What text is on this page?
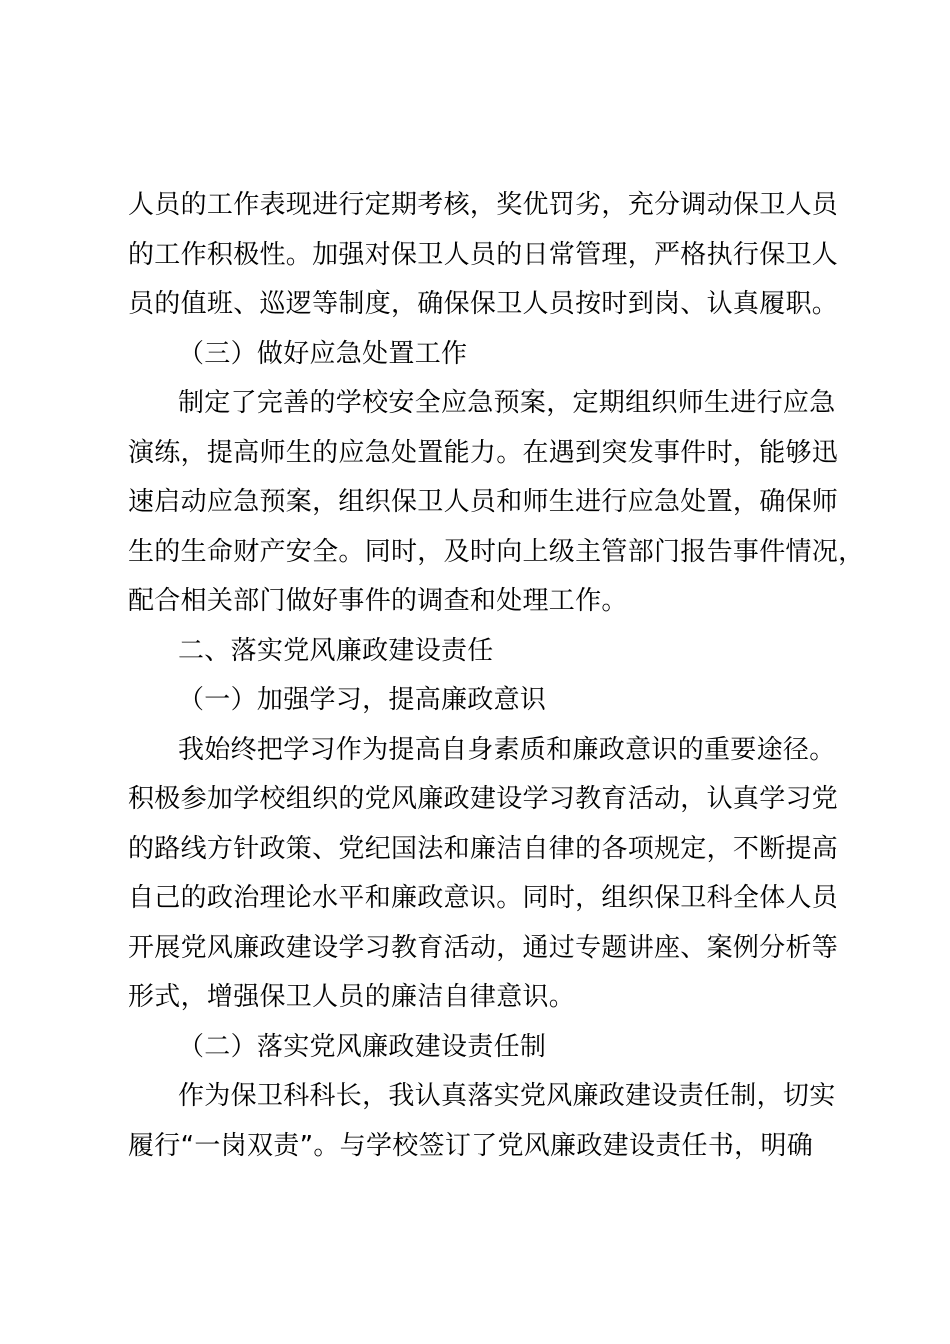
人员的工作表现进行定期考核，奖优罚劣，充分调动保卫人员
的工作积极性。加强对保卫人员的日常管理，严格执行保卫人
员的值班、巡逻等制度，确保保卫人员按时到岗、认真履职。
（三）做好应急处置工作
制定了完善的学校安全应急预案，定期组织师生进行应急
演练，提高师生的应急处置能力。在遇到突发事件时，能够迅
速启动应急预案，组织保卫人员和师生进行应急处置，确保师
生的生命财产安全。同时，及时向上级主管部门报告事件情况，
配合相关部门做好事件的调查和处理工作。
二、落实党风廉政建设责任
（一）加强学习，提高廉政意识
我始终把学习作为提高自身素质和廉政意识的重要途径。
积极参加学校组织的党风廉政建设学习教育活动，认真学习党
的路线方针政策、党纪国法和廉洁自律的各项规定，不断提高
自己的政治理论水平和廉政意识。同时，组织保卫科全体人员
开展党风廉政建设学习教育活动，通过专题讲座、案例分析等
形式，增强保卫人员的廉洁自律意识。
（二）落实党风廉政建设责任制
作为保卫科科长，我认真落实党风廉政建设责任制，切实
履行“一岗双责”。与学校签订了党风廉政建设责任书，明确
